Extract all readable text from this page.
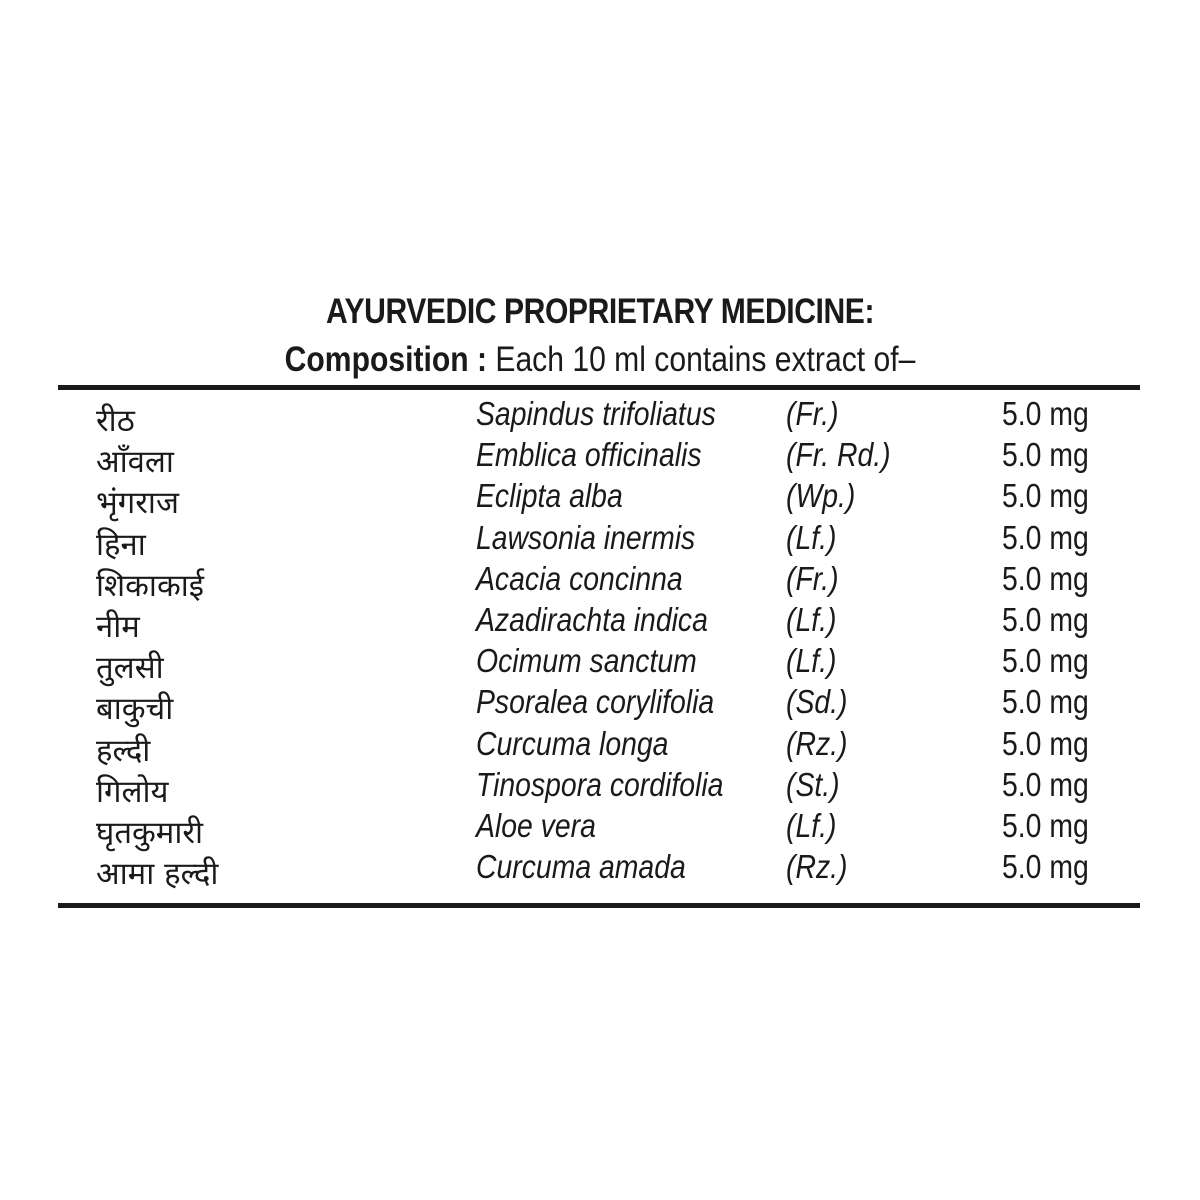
AYURVEDIC PROPRIETARY MEDICINE:
Composition : Each 10 ml contains extract of–
रीठ	Sapindus trifoliatus (Fr.)	5.0 mg
आँवला	Emblica officinalis	(Fr. Rd.)	5.0 mg
भृंगराज	Eclipta alba	(Wp.)	5.0 mg
हिना	Lawsonia inermis	(Lf.)	5.0 mg
शिकाकाई	Acacia concinna	(Fr.)	5.0 mg
नीम	Azadirachta indica (Lf.)	5.0 mg
तुलसी	Ocimum sanctum	(Lf.)	5.0 mg
बाकुची	Psoralea corylifolia (Sd.)	5.0 mg
हल्दी	Curcuma longa	(Rz.)	5.0 mg
गिलोय	Tinospora cordifolia (St.)	5.0 mg
घृतकुमारी	Aloe vera	(Lf.)	5.0 mg
आमा हल्दी	Curcuma amada	(Rz.)	5.0 mg
